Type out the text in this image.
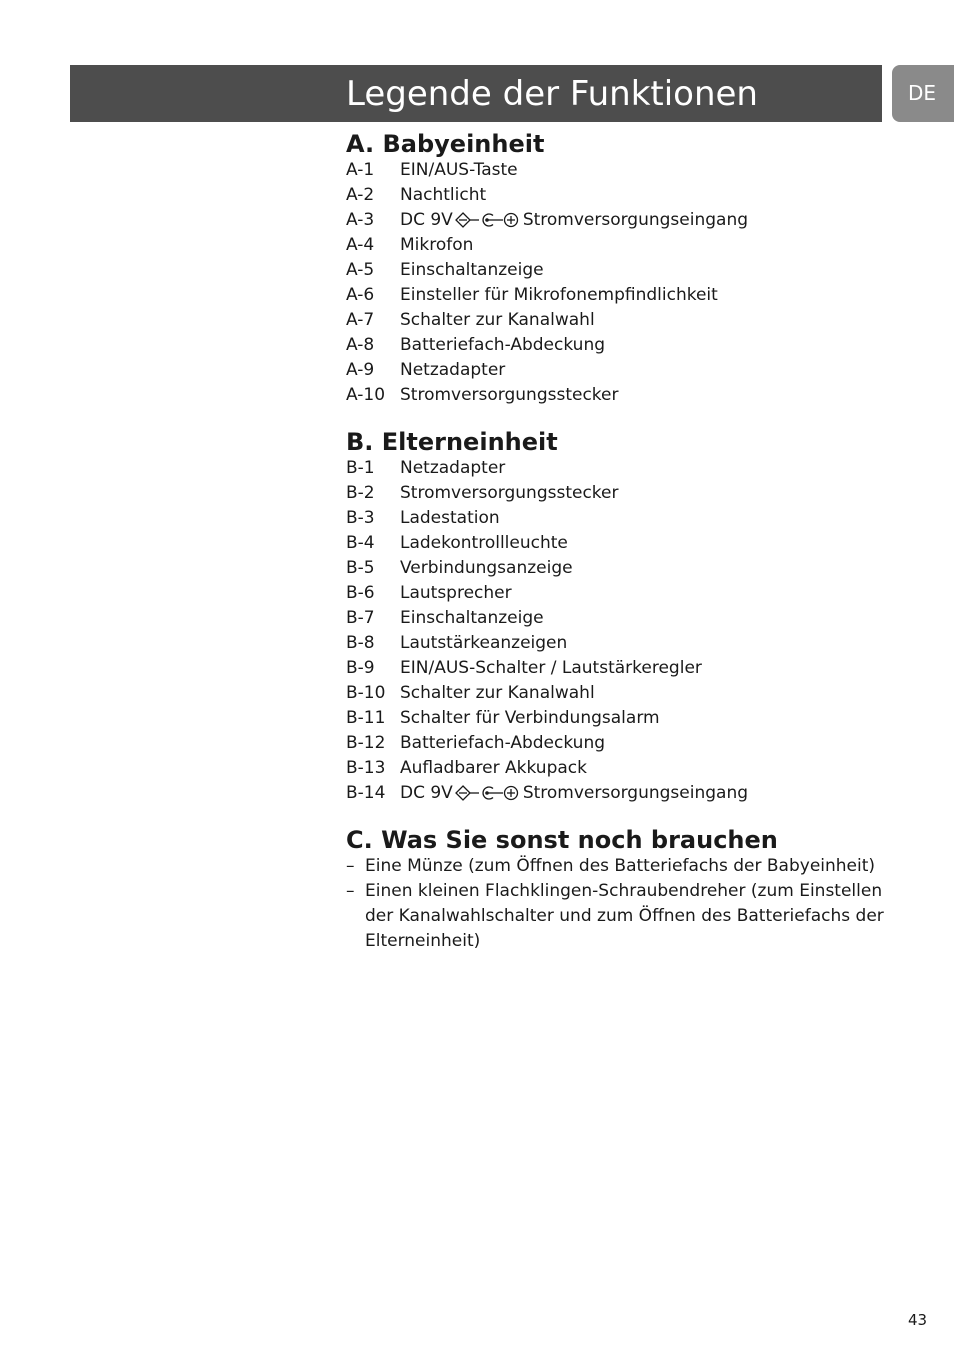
Legende der Funktionen	DE
A. Babyeinheit
A-1 EIN/AUS-Taste
A-2 Nachtlicht
A-3 DC 9V	Stromversorgungseingang
A-4 Mikrofon
A-5 Einschaltanzeige
A-6 Einsteller für Mikrofonempfindlichkeit
A-7 Schalter zur Kanalwahl
A-8 Batteriefach-Abdeckung
A-9 Netzadapter
A-10 Stromversorgungsstecker
B. Elterneinheit
B-1 Netzadapter
B-2 Stromversorgungsstecker
B-3 Ladestation
B-4 Ladekontrollleuchte
B-5 Verbindungsanzeige
B-6 Lautsprecher
B-7 Einschaltanzeige
B-8 Lautstärkeanzeigen
B-9 EIN/AUS-Schalter / Lautstärkeregler
B-10 Schalter zur Kanalwahl
B-11 Schalter für Verbindungsalarm
B-12 Batteriefach-Abdeckung
B-13 Aufladbarer Akkupack
B-14 DC 9V	Stromversorgungseingang
C. Was Sie sonst noch brauchen
– Eine Münze (zum Öffnen des Batteriefachs der Babyeinheit)
– Einen kleinen Flachklingen-Schraubendreher (zum Einstellen der Kanalwahlschalter und zum Öffnen des Batteriefachs der Elterneinheit)
43
